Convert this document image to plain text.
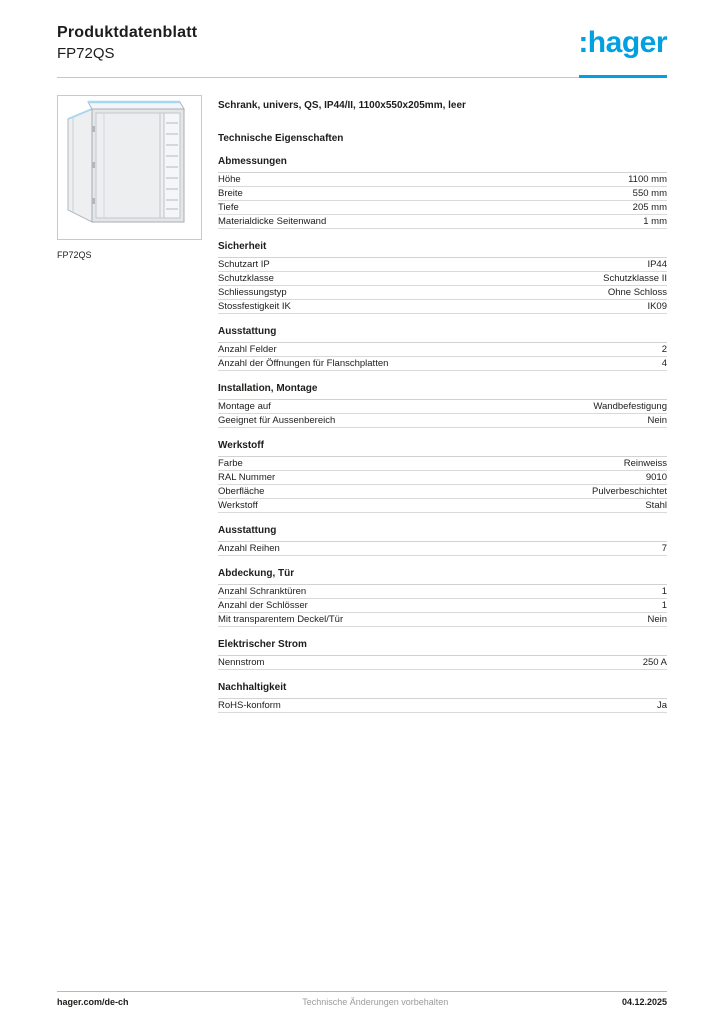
Produktdatenblatt
FP72QS	:hager
FP72QS
Schrank, univers, QS, IP44/II, 1100x550x205mm, leer
Technische Eigenschaften
Abmessungen
Höhe	1100 mm
Breite	550 mm
Tiefe	205 mm
Materialdicke Seitenwand	1 mm
Sicherheit
Schutzart IP	IP44
Schutzklasse	Schutzklasse II
Schliessungstyp	Ohne Schloss
Stossfestigkeit IK	IK09
Ausstattung
Anzahl Felder	2
Anzahl der Öffnungen für Flanschplatten	4
Installation, Montage
Montage auf	Wandbefestigung
Geeignet für Aussenbereich	Nein
Werkstoff
Farbe	Reinweiss
RAL Nummer	9010
Oberfläche	Pulverbeschichtet
Werkstoff	Stahl
Ausstattung
Anzahl Reihen	7
Abdeckung, Tür
Anzahl Schranktüren	1
Anzahl der Schlösser	1
Mit transparentem Deckel/Tür	Nein
Elektrischer Strom
Nennstrom	250 A
Nachhaltigkeit
RoHS-konform	Ja
hager.com/de-ch	Technische Änderungen vorbehalten	04.12.2025
